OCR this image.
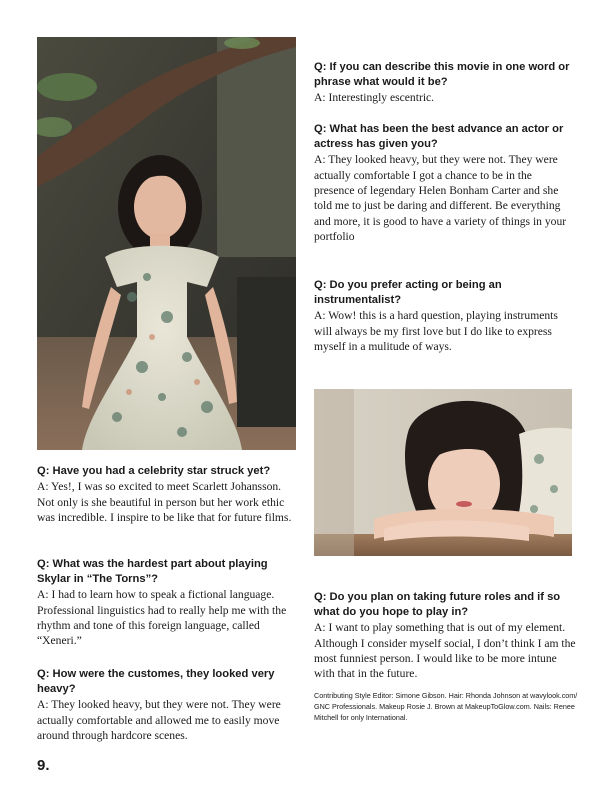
Q: If you can describe this movie in one word or phrase what would it be?

A: Interestingly escentric.

Q: What has been the best advance an actor or actress has given you?

A: They looked heavy, but they were not. They were actually comfortable I got a chance to be in the presence of legendary Helen Bonham Carter and she told me to just be daring and different. Be everything and more, it is good to have a variety of things in your portfolio

Q: Do you prefer acting or being an instrumentalist?

A: Wow! this is a hard question, playing instruments will always be my first love but I do like to express myself in a mulitude of ways.

Q: Do you plan on taking future roles and if so what do you hope to play in?

A: I want to play something that is out of my element. Although I consider myself social, I don’t think I am the most funniest person. I would like to be more intune with that in the future.

Q: Have you had a celebrity star struck yet?

A: Yes!, I was so excited to meet Scarlett Johansson. Not only is she beautiful in person but her work ethic was incredible. I inspire to be like that for future films.

Q: What was the hardest part about playing Skylar in “The Torns”?

A: I had to learn how to speak a fictional language. Professional linguistics had to really help me with the rhythm and tone of this foreign language, called “Xeneri.”

Q: How were the customes, they looked very heavy?

A: They looked heavy, but they were not. They were actually comfortable and allowed me to easily move around through hardcore scenes.

Contributing Style Editor: Simone Gibson. Hair: Rhonda Johnson at wavylook.com/ GNC Professionals. Makeup Rosie J. Brown at MakeupToGlow.com. Nails: Renee Mitchell for only International.

9.
